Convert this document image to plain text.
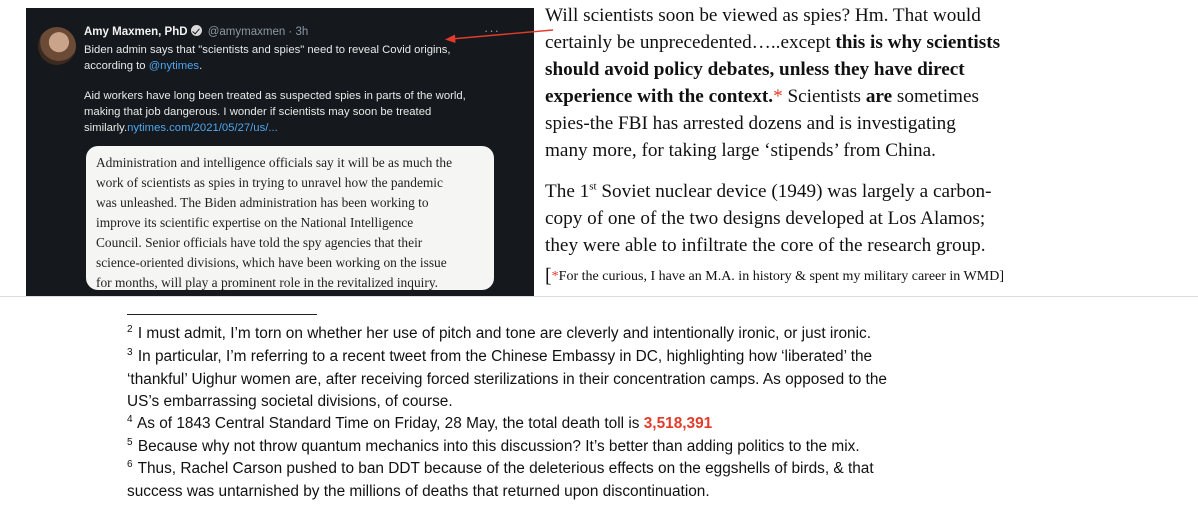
Amy Maxmen, PhD @amymaxmen · 3h	···
Biden admin says that "scientists and spies" need to reveal Covid origins,
according to @nytimes.
Aid workers have long been treated as suspected spies in parts of the world,
making that job dangerous. I wonder if scientists may soon be treated
similarly.nytimes.com/2021/05/27/us/...
Administration and intelligence officials say it will be as much the
work of scientists as spies in trying to unravel how the pandemic
was unleashed. The Biden administration has been working to
improve its scientific expertise on the National Intelligence
Council. Senior officials have told the spy agencies that their
science-oriented divisions, which have been working on the issue
for months, will play a prominent role in the revitalized inquiry.
Will scientists soon be viewed as spies? Hm. That would
certainly be unprecedented…..except this is why scientists
should avoid policy debates, unless they have direct
experience with the context.* Scientists are sometimes
spies-the FBI has arrested dozens and is investigating
many more, for taking large ‘stipends’ from China.
The 1st Soviet nuclear device (1949) was largely a carbon-
copy of one of the two designs developed at Los Alamos;
they were able to infiltrate the core of the research group.
[*For the curious, I have an M.A. in history & spent my military career in WMD]
$^2$ I must admit, I’m torn on whether her use of pitch and tone are cleverly and intentionally ironic, or just ironic.
$^3$ In particular, I’m referring to a recent tweet from the Chinese Embassy in DC, highlighting how ‘liberated’ the
‘thankful’ Uighur women are, after receiving forced sterilizations in their concentration camps. As opposed to the
US’s embarrassing societal divisions, of course.
$^4$ As of 1843 Central Standard Time on Friday, 28 May, the total death toll is 3,518,391
$^5$ Because why not throw quantum mechanics into this discussion? It’s better than adding politics to the mix.
$^6$ Thus, Rachel Carson pushed to ban DDT because of the deleterious effects on the eggshells of birds, & that
success was untarnished by the millions of deaths that returned upon discontinuation.
